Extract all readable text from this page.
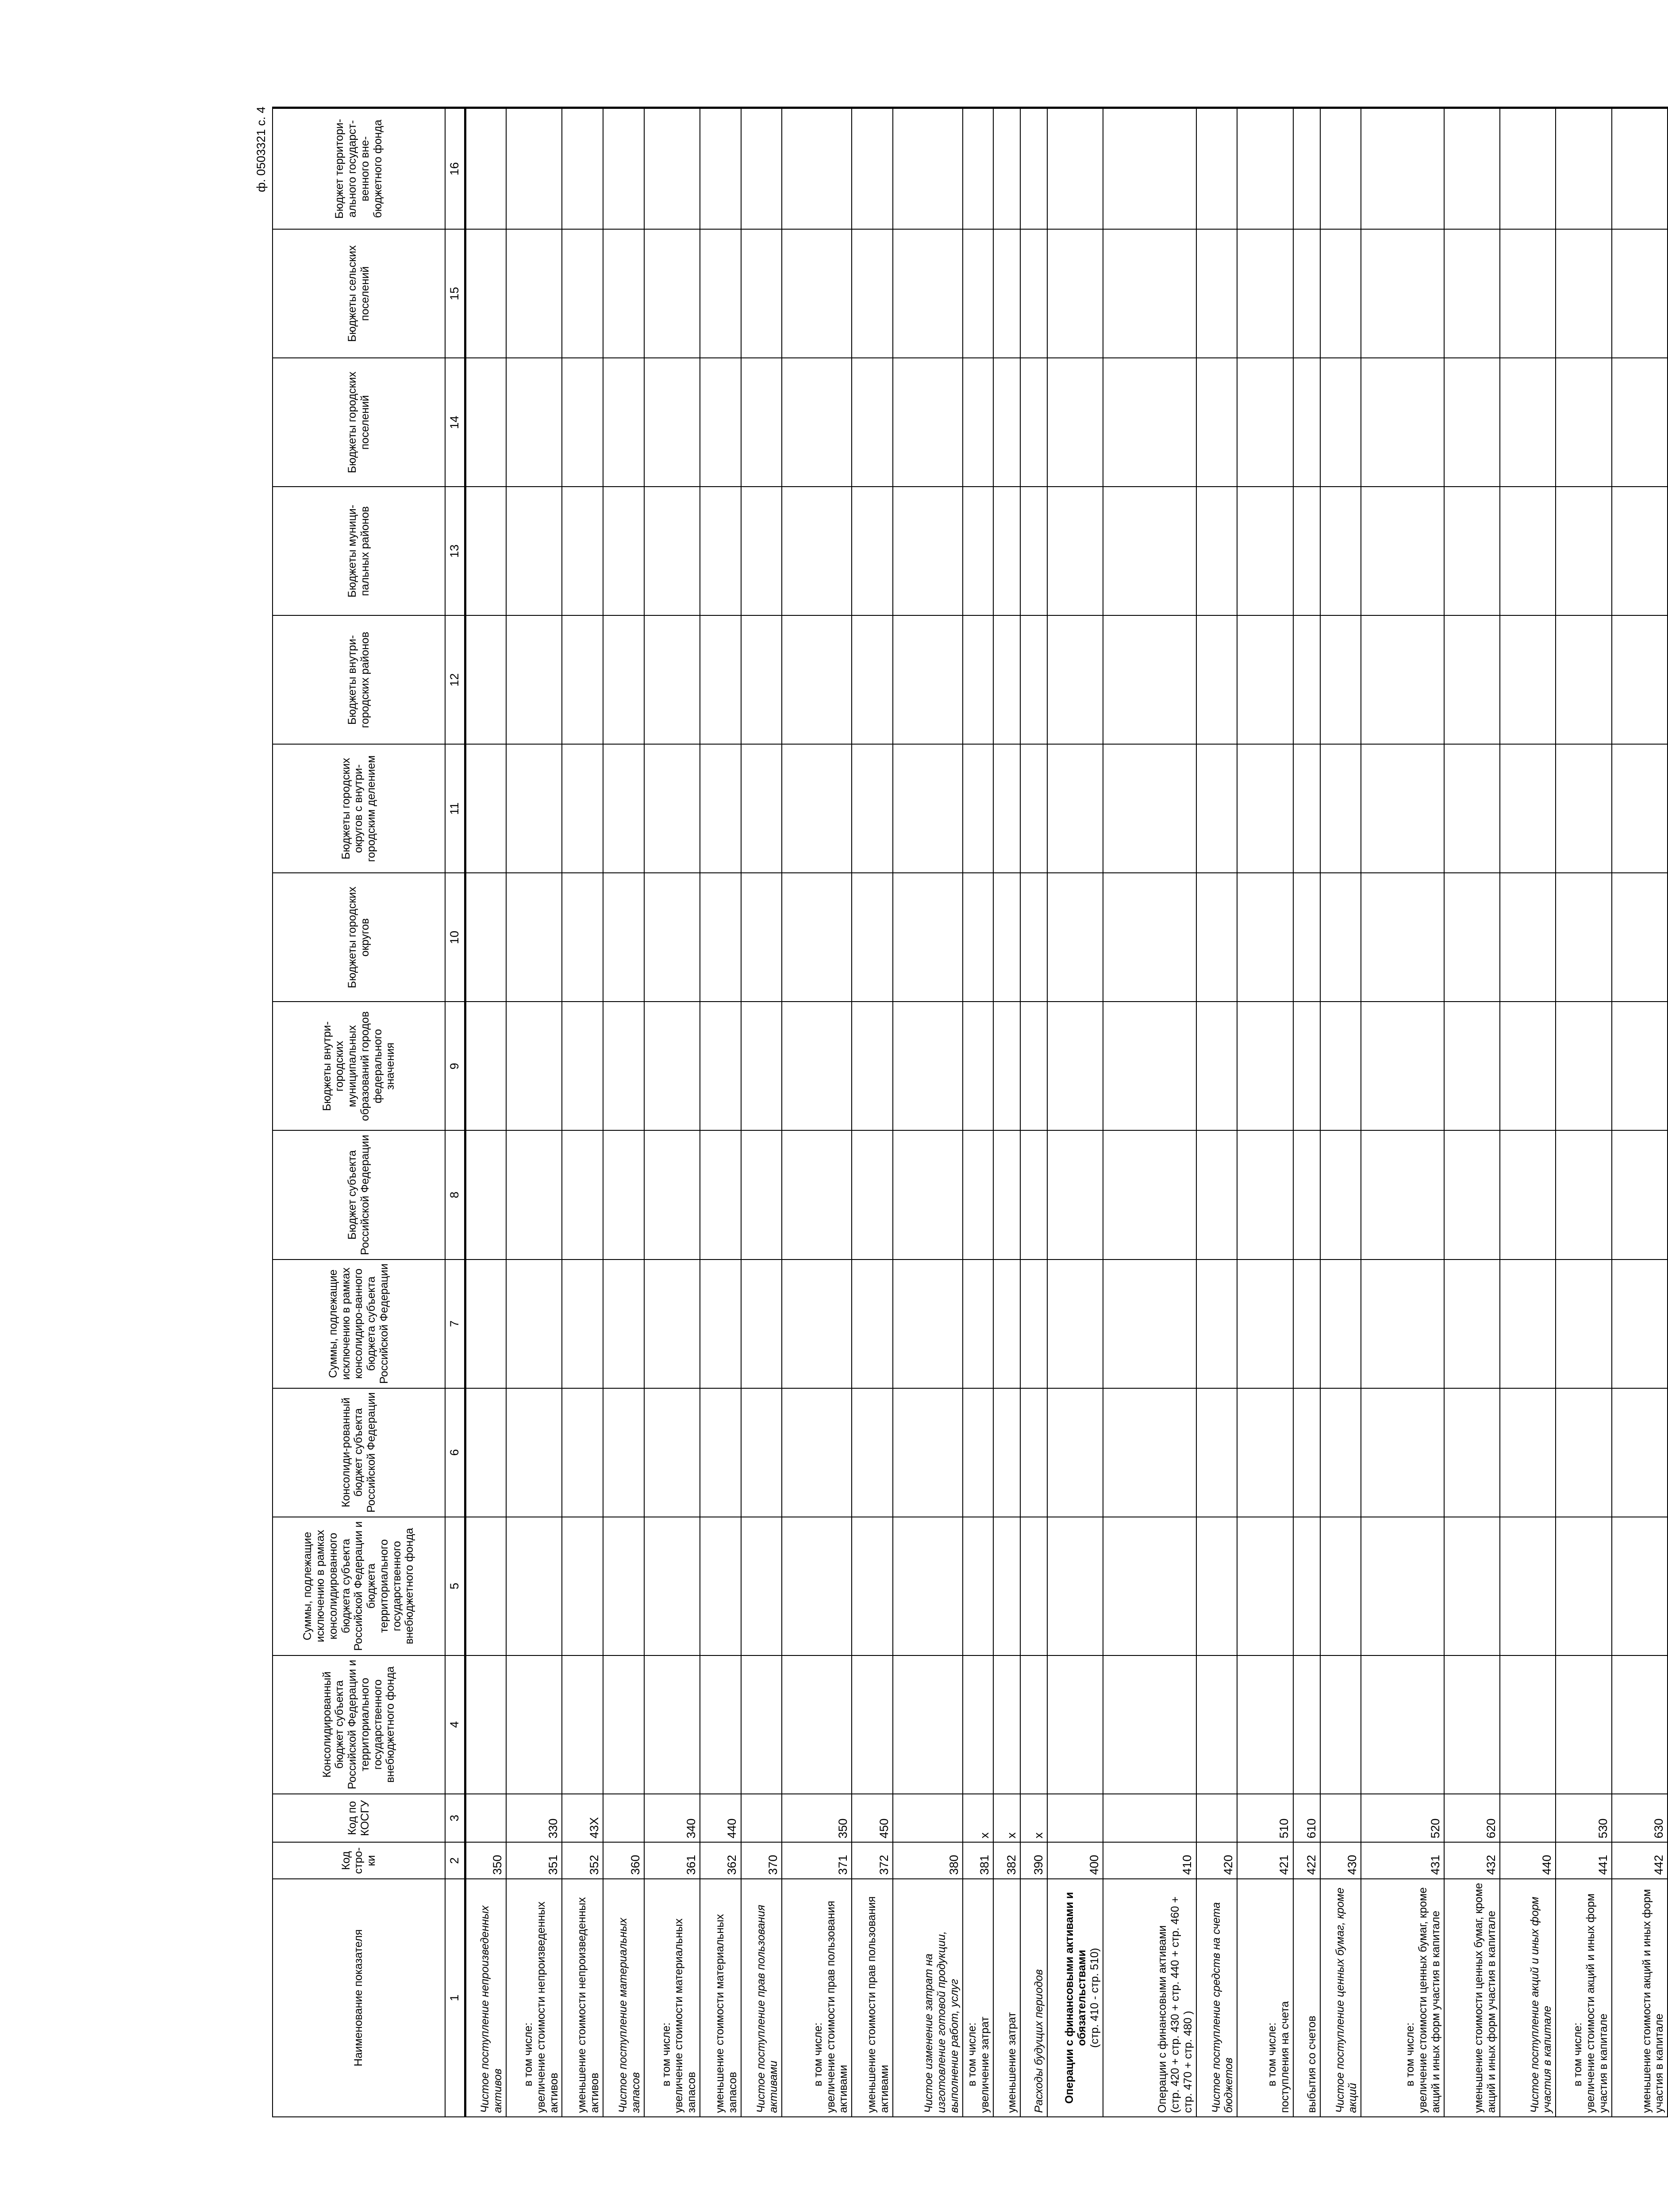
ф. 0503321 с. 4
Наименование показателя	Код стро-ки	Код по КОСГУ	Консолидированный бюджет субъекта Российской Федерации и территориального государственного внебюджетного фонда	Суммы, подлежащие исключению в рамках консолидированного бюджета субъекта Российской Федерации и бюджета территориального государственного внебюджетного фонда	Консолиди-рованный бюджет субъекта Российской Федерации	Суммы, подлежащие исключению в рамках консолидиро-ванного бюджета субъекта Российской Федерации	Бюджет субъекта Российской Федерации	Бюджеты внутри-городских муниципальных образований городов федерального значения	Бюджеты городских округов	Бюджеты городских округов с внутри-городским делением	Бюджеты внутри-городских районов	Бюджеты муници-пальных районов	Бюджеты городских поселений	Бюджеты сельских поселений	Бюджет территори-ального государст-венного вне-бюджетного фонда
1	2	3	4	5	6	7	8	9	10	11	12	13	14	15	16

Чистое поступление непроизведенных активов	350														

в том числе: увеличение стоимости непроизведенных активов	351	330													

уменьшение стоимости непроизведенных активов	352	43X													

Чистое поступление материальных запасов	360														

в том числе: увеличение стоимости материальных запасов	361	340													

уменьшение стоимости материальных запасов	362	440													

Чистое поступление прав пользования активами	370														

в том числе: увеличение стоимости прав пользования активами	371	350													

уменьшение стоимости прав пользования активами	372	450													

Чистое изменение затрат на изготовление готовой продукции, выполнение работ, услуг	380														

в том числе: увеличение затрат	381	x													

уменьшение затрат	382	x													

Расходы будущих периодов	390	x													

Операции с финансовыми активами и обязательствами (стр. 410 - стр. 510)	400														

Операции с финансовыми активами (стр. 420 + стр. 430 + стр. 440 + стр. 460 + стр. 470 + стр. 480 )	410														

Чистое поступление средств на счета бюджетов	420														

в том числе: поступления на счета	421	510													

выбытия со счетов	422	610													

Чистое поступление ценных бумаг, кроме акций	430														

в том числе: увеличение стоимости ценных бумаг, кроме акций и иных форм участия в капитале	431	520													

уменьшение стоимости ценных бумаг, кроме акций и иных форм участия в капитале	432	620													

Чистое поступление акций и иных форм участия в капитале	440														

в том числе: увеличение стоимости акций и иных форм участия в капитале	441	530													

уменьшение стоимости акций и иных форм участия в капитале	442	630													
